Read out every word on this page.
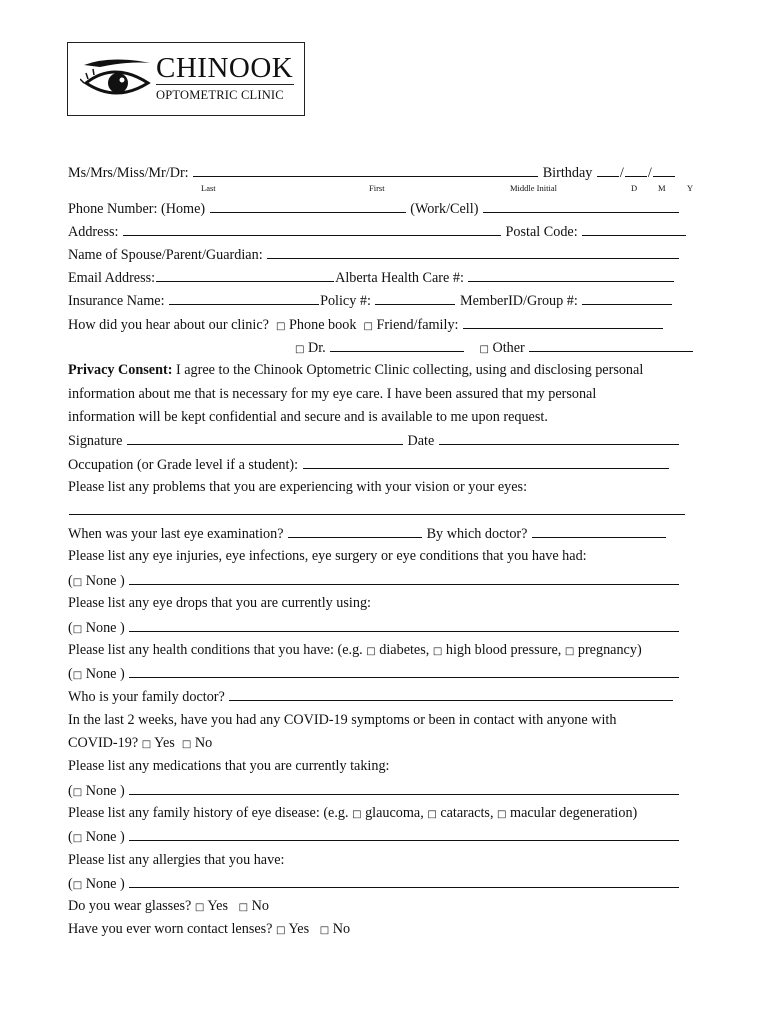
CHINOOK
OPTOMETRIC CLINIC
Ms/Mrs/Miss/Mr/Dr:	Birthday / /
Last	First	Middle Initial	D M	Y
Phone Number: (Home)	(Work/Cell)
Address:	Postal Code:
Name of Spouse/Parent/Guardian:
Email Address:	Alberta Health Care #:
Insurance Name:	Policy #:	MemberID/Group #:
How did you hear about our clinic? □ Phone book □ Friend/family:
□ Dr.	□ Other
Privacy Consent: I agree to the Chinook Optometric Clinic collecting, using and disclosing personal
information about me that is necessary for my eye care. I have been assured that my personal
information will be kept confidential and secure and is available to me upon request.
Signature	Date
Occupation (or Grade level if a student):
Please list any problems that you are experiencing with your vision or your eyes:
When was your last eye examination?	By which doctor?
Please list any eye injuries, eye infections, eye surgery or eye conditions that you have had:
(□ None )
Please list any eye drops that you are currently using:
(□ None )
Please list any health conditions that you have: (e.g. □ diabetes, □ high blood pressure, □ pregnancy)
(□ None )
Who is your family doctor?
In the last 2 weeks, have you had any COVID-19 symptoms or been in contact with anyone with
COVID-19? □ Yes □ No
Please list any medications that you are currently taking:
(□ None )
Please list any family history of eye disease: (e.g. □ glaucoma, □ cataracts, □ macular degeneration)
(□ None )
Please list any allergies that you have:
(□ None )
Do you wear glasses? □ Yes □ No
Have you ever worn contact lenses? □ Yes □ No
